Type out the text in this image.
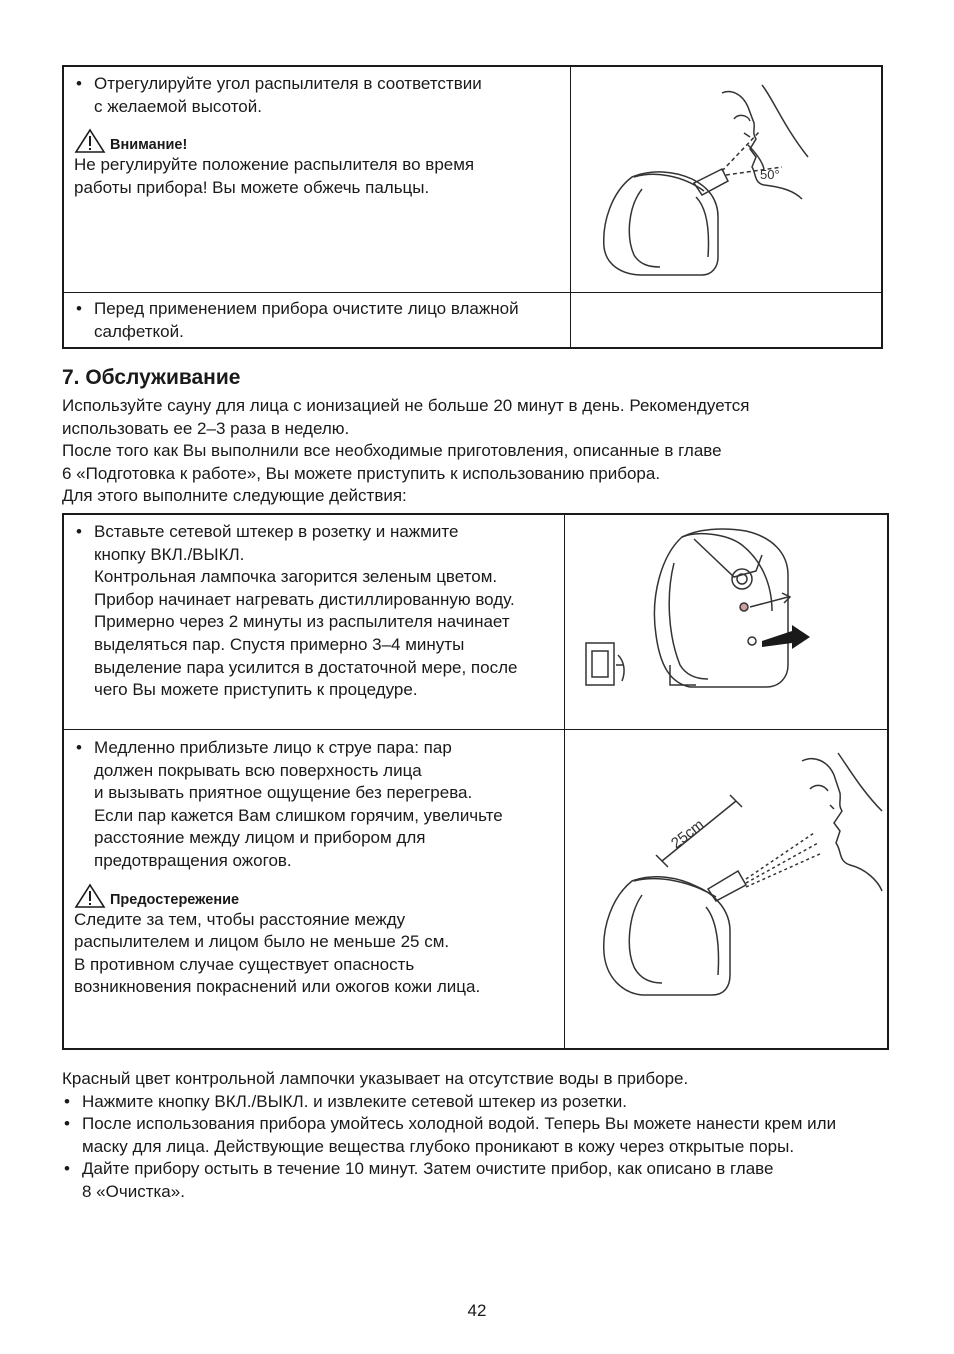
• Отрегулируйте угол распылителя в соответствии
с желаемой высотой.
Внимание!
Не регулируйте положение распылителя во время
работы прибора! Вы можете обжечь пальцы.
50°
• Перед применением прибора очистите лицо влажной
салфеткой.
7. Обслуживание
Используйте сауну для лица с ионизацией не больше 20 минут в день. Рекомендуется
использовать ее 2–3 раза в неделю.
После того как Вы выполнили все необходимые приготовления, описанные в главе
6 «Подготовка к работе», Вы можете приступить к использованию прибора.
Для этого выполните следующие действия:
• Вставьте сетевой штекер в розетку и нажмите
кнопку ВКЛ./ВЫКЛ.
Контрольная лампочка загорится зеленым цветом.
Прибор начинает нагревать дистиллированную воду.
Примерно через 2 минуты из распылителя начинает
выделяться пар. Спустя примерно 3–4 минуты
выделение пара усилится в достаточной мере, после
чего Вы можете приступить к процедуре.
• Медленно приблизьте лицо к струе пара: пар
должен покрывать всю поверхность лица
и вызывать приятное ощущение без перегрева.
Если пар кажется Вам слишком горячим, увеличьте
расстояние между лицом и прибором для
предотвращения ожогов.
Предостережение
Следите за тем, чтобы расстояние между
распылителем и лицом было не меньше 25 см.
В противном случае существует опасность
возникновения покраснений или ожогов кожи лица.
25cm
Красный цвет контрольной лампочки указывает на отсутствие воды в приборе.
• Нажмите кнопку ВКЛ./ВЫКЛ. и извлеките сетевой штекер из розетки.
• После использования прибора умойтесь холодной водой. Теперь Вы можете нанести крем или
маску для лица. Действующие вещества глубоко проникают в кожу через открытые поры.
• Дайте прибору остыть в течение 10 минут. Затем очистите прибор, как описано в главе
8 «Очистка».
42
